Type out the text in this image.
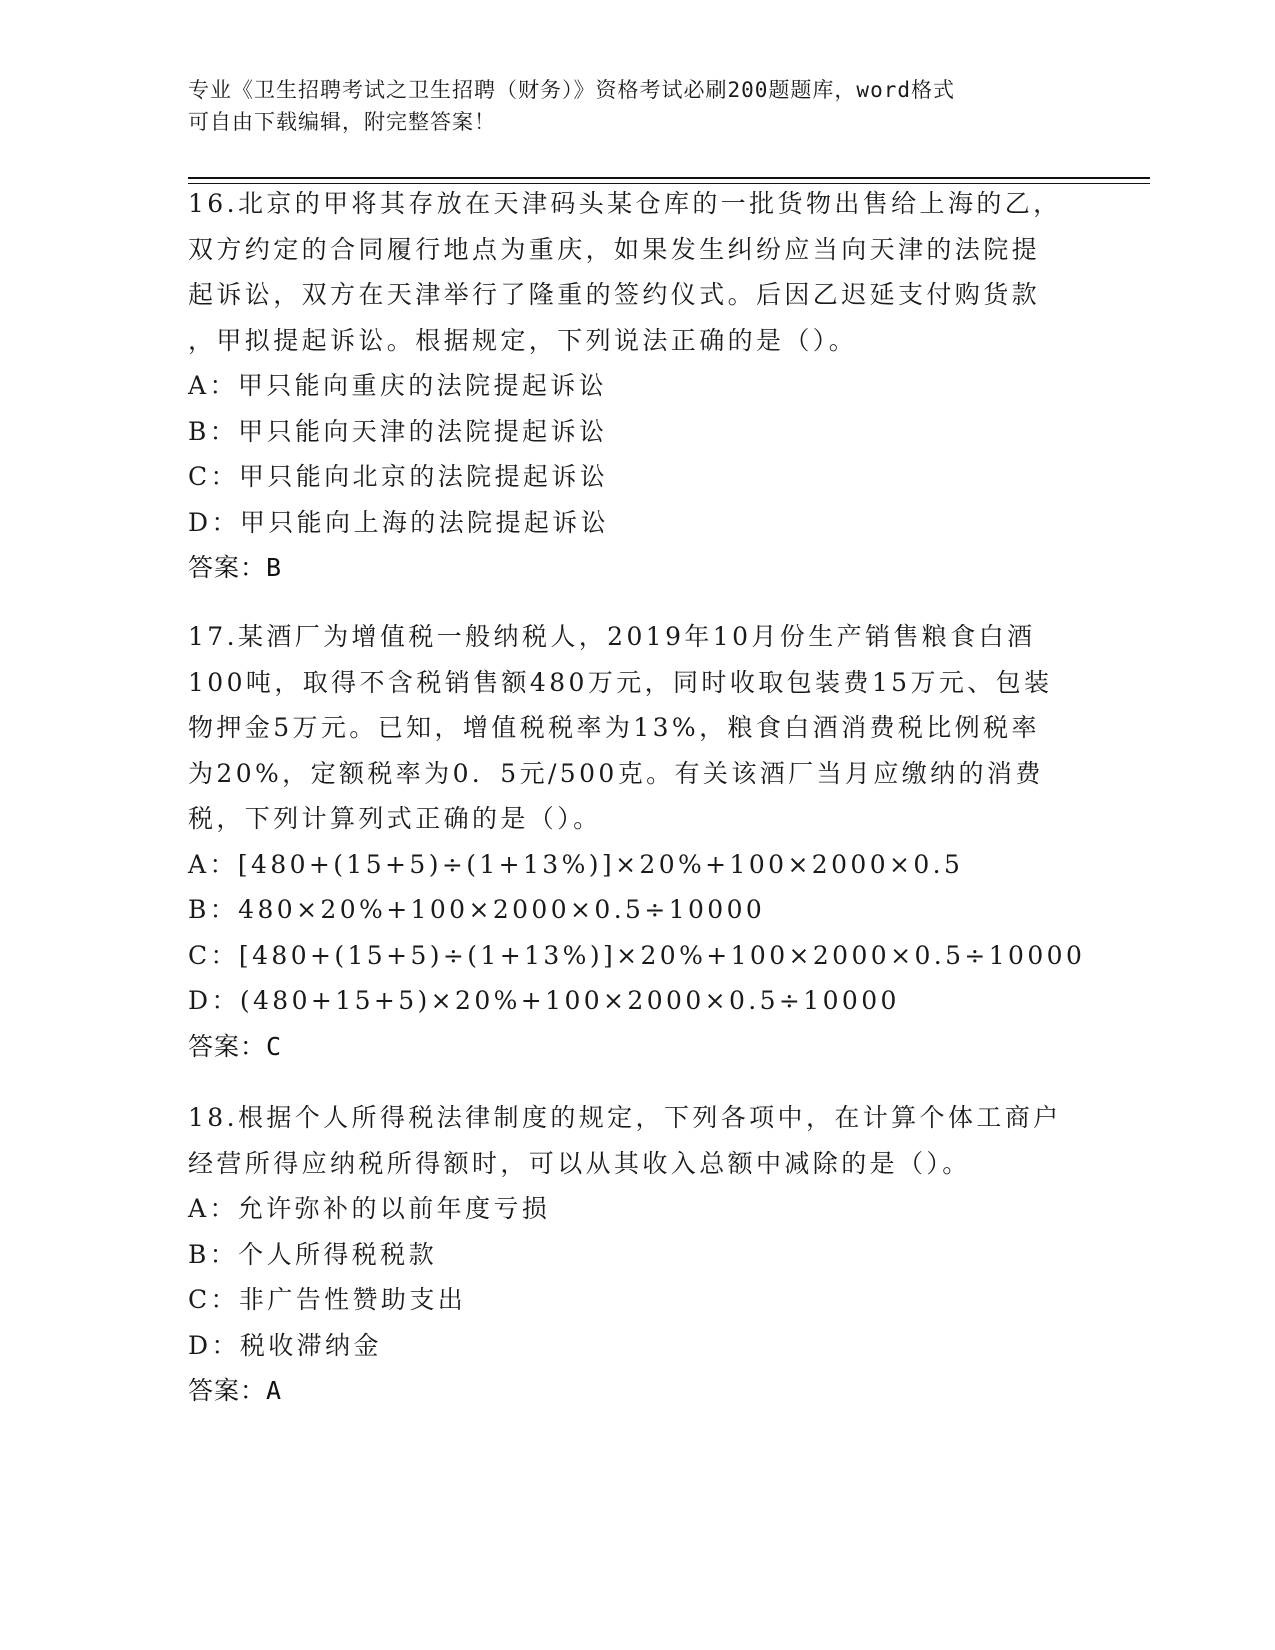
专业《卫生招聘考试之卫生招聘（财务）》资格考试必刷200题题库，word格式
可自由下载编辑，附完整答案！
16.北京的甲将其存放在天津码头某仓库的一批货物出售给上海的乙，
双方约定的合同履行地点为重庆，如果发生纠纷应当向天津的法院提
起诉讼，双方在天津举行了隆重的签约仪式。后因乙迟延支付购货款
，甲拟提起诉讼。根据规定，下列说法正确的是（）。
A：甲只能向重庆的法院提起诉讼
B：甲只能向天津的法院提起诉讼
C：甲只能向北京的法院提起诉讼
D：甲只能向上海的法院提起诉讼
答案：B
17.某酒厂为增值税一般纳税人，2019年10月份生产销售粮食白酒
100吨，取得不含税销售额480万元，同时收取包装费15万元、包装
物押金5万元。已知，增值税税率为13%，粮食白酒消费税比例税率
为20%，定额税率为0．5元/500克。有关该酒厂当月应缴纳的消费
税，下列计算列式正确的是（）。
A：[480+(15+5)÷(1+13%)]×20%+100×2000×0.5
B：480×20%+100×2000×0.5÷10000
C：[480+(15+5)÷(1+13%)]×20%+100×2000×0.5÷10000
D：(480+15+5)×20%+100×2000×0.5÷10000
答案：C
18.根据个人所得税法律制度的规定，下列各项中，在计算个体工商户
经营所得应纳税所得额时，可以从其收入总额中减除的是（）。
A：允许弥补的以前年度亏损
B：个人所得税税款
C：非广告性赞助支出
D：税收滞纳金
答案：A
